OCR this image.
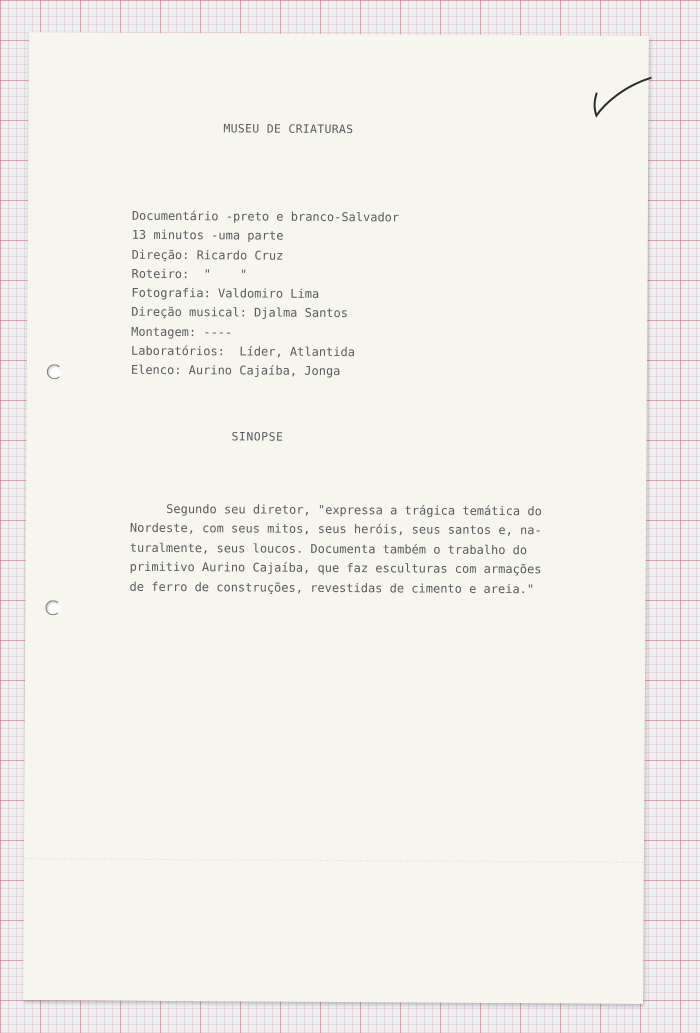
MUSEU DE CRIATURAS
Documentário -preto e branco-Salvador
13 minutos -uma parte
Direção: Ricardo Cruz
Roteiro:  "    "
Fotografia: Valdomiro Lima
Direção musical: Djalma Santos
Montagem: ----
Laboratórios:  Líder, Atlantida
Elenco: Aurino Cajaíba, Jonga
SINOPSE
Segundo seu diretor, "expressa a trágica temática do
Nordeste, com seus mitos, seus heróis, seus santos e, na-
turalmente, seus loucos. Documenta também o trabalho do
primitivo Aurino Cajaíba, que faz esculturas com armações
de ferro de construções, revestidas de cimento e areia."
